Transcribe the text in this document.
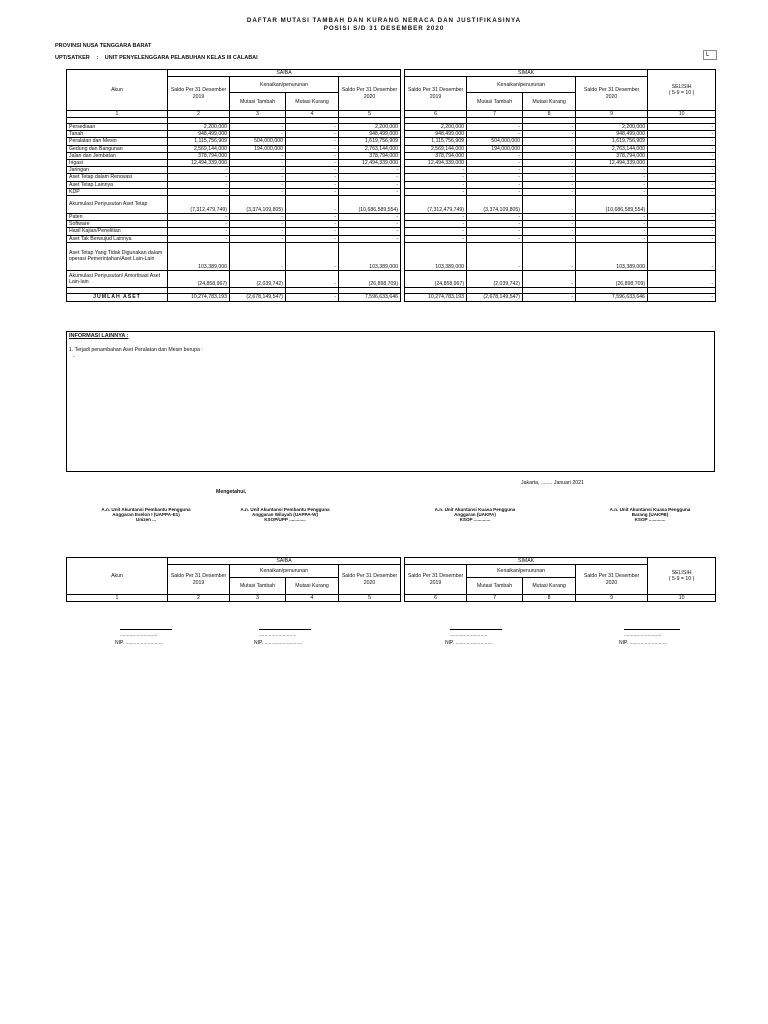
DAFTAR MUTASI TAMBAH DAN KURANG NERACA DAN JUSTIFIKASINYA
POSISI S/D 31 DESEMBER 2020
PROVINSI NUSA TENGGARA BARAT
UPT/SATKER : UNIT PENYELENGGARA PELABUHAN KELAS III CALABAI	L
Akun	SAIBA					SIMAK				SELISIH
( 5-9 = 10 )

	Saldo Per 31 Desember 2019	Kenaikan/penurunan		Saldo Per 31 Desember 2020		Saldo Per 31 Desember 2019	Kenaikan/penurunan		Saldo Per 31 Desember 2020	
		Mutasi Tambah	Mutasi Kurang				Mutasi Tambah	Mutasi Kurang		
1	2	3	4	5		6	7	8	9	10

Persediaan	2,200,000	-	-	2,200,000		2,200,000	-	-	2,200,000	-
Tanah	948,499,000	-	-	948,499,000		948,499,000	-	-	948,499,000	-
Peralatan dan Mesin	1,115,756,909	504,000,000	-	1,619,756,909		1,115,756,909	504,000,000	-	1,619,756,909	-
Gedung dan Bangunan	2,569,144,000	194,000,000	-	2,763,144,000		2,569,144,000	194,000,000	-	2,763,144,000	-
Jalan dan Jembatan	378,794,000	-	-	378,794,000		378,794,000	-	-	378,794,000	-
Irigasi	12,494,339,000	-	-	12,494,339,000		12,494,339,000	-	-	12,494,339,000	-
Jaringan	-	-	-	-		-	-	-	-	-
Aset Tetap dalam Renovasi	-	-	-	-		-	-	-	-	-
Aset Tetap Lainnya	-	-	-	-		-	-	-	-	-
KDP	-	-	-	-		-	-	-	-	-
Akumulasi Penyusutan Aset Tetap	(7,312,479,749)	(3,374,109,805)	-	(10,686,589,554)		(7,312,479,749)	(3,374,109,805)	-	(10,686,589,554)	-
Paten	-	-	-	-		-	-	-	-	-
Software	-	-	-	-		-	-	-	-	-
Hasil Kajian/Penelitian	-	-	-	-		-	-	-	-	-
Aset Tak Berwujud Lainnya	-	-	-	-		-	-	-	-	-
Aset Tetap Yang Tidak Digunakan dalam operasi Pemerintahan/Aset Lain-Lain	103,389,000	-	-	103,389,000		103,389,000	-	-	103,389,000	-
Akumulasi Penyusutan/ Amortisasi Aset Lain-lain	(24,858,967)	(2,039,742)	-	(26,898,709)		(24,858,967)	(2,039,742)	-	(26,898,709)	-

JUMLAH ASET	10,274,783,193	(2,678,149,547)	-	7,596,633,646		10,274,783,193	(2,678,149,547)	-	7,596,633,646	-
INFORMASI LAINNYA :
1. Terjadi penambahan Aset Peralatan dan Mesin berupa :
-
Jakarta, ........ Januari 2021
Mengetahui,
A.n. Unit Akuntansi Pembantu Pengguna
Anggaran Eselon I (UAPPA-E1)
Unizen ...
A.n. Unit Akuntansi Pembantu Pengguna
Anggaran Wilayah (UAPPA-W)
KSOP/UPP .............
A.n. Unit Akuntansi Kuasa Pengguna
Anggaran (UAKPA)
KSOP .............
A.n. Unit Akuntansi Kuasa Pengguna
Barang (UAKPB)
KSOP .............
Akun	SAIBA					SIMAK				SELISIH
( 5-9 = 10 )

	Saldo Per 31 Desember 2019	Kenaikan/penurunan		Saldo Per 31 Desember 2020		Saldo Per 31 Desember 2019	Kenaikan/penurunan		Saldo Per 31 Desember 2020	
		Mutasi Tambah	Mutasi Kurang				Mutasi Tambah	Mutasi Kurang		
1	2	3	4	5		6	7	8	9	10
...........................	...........................	...........................	...........................
NIP. ...........................	NIP. ...........................	NIP. ...........................	NIP. ...........................
